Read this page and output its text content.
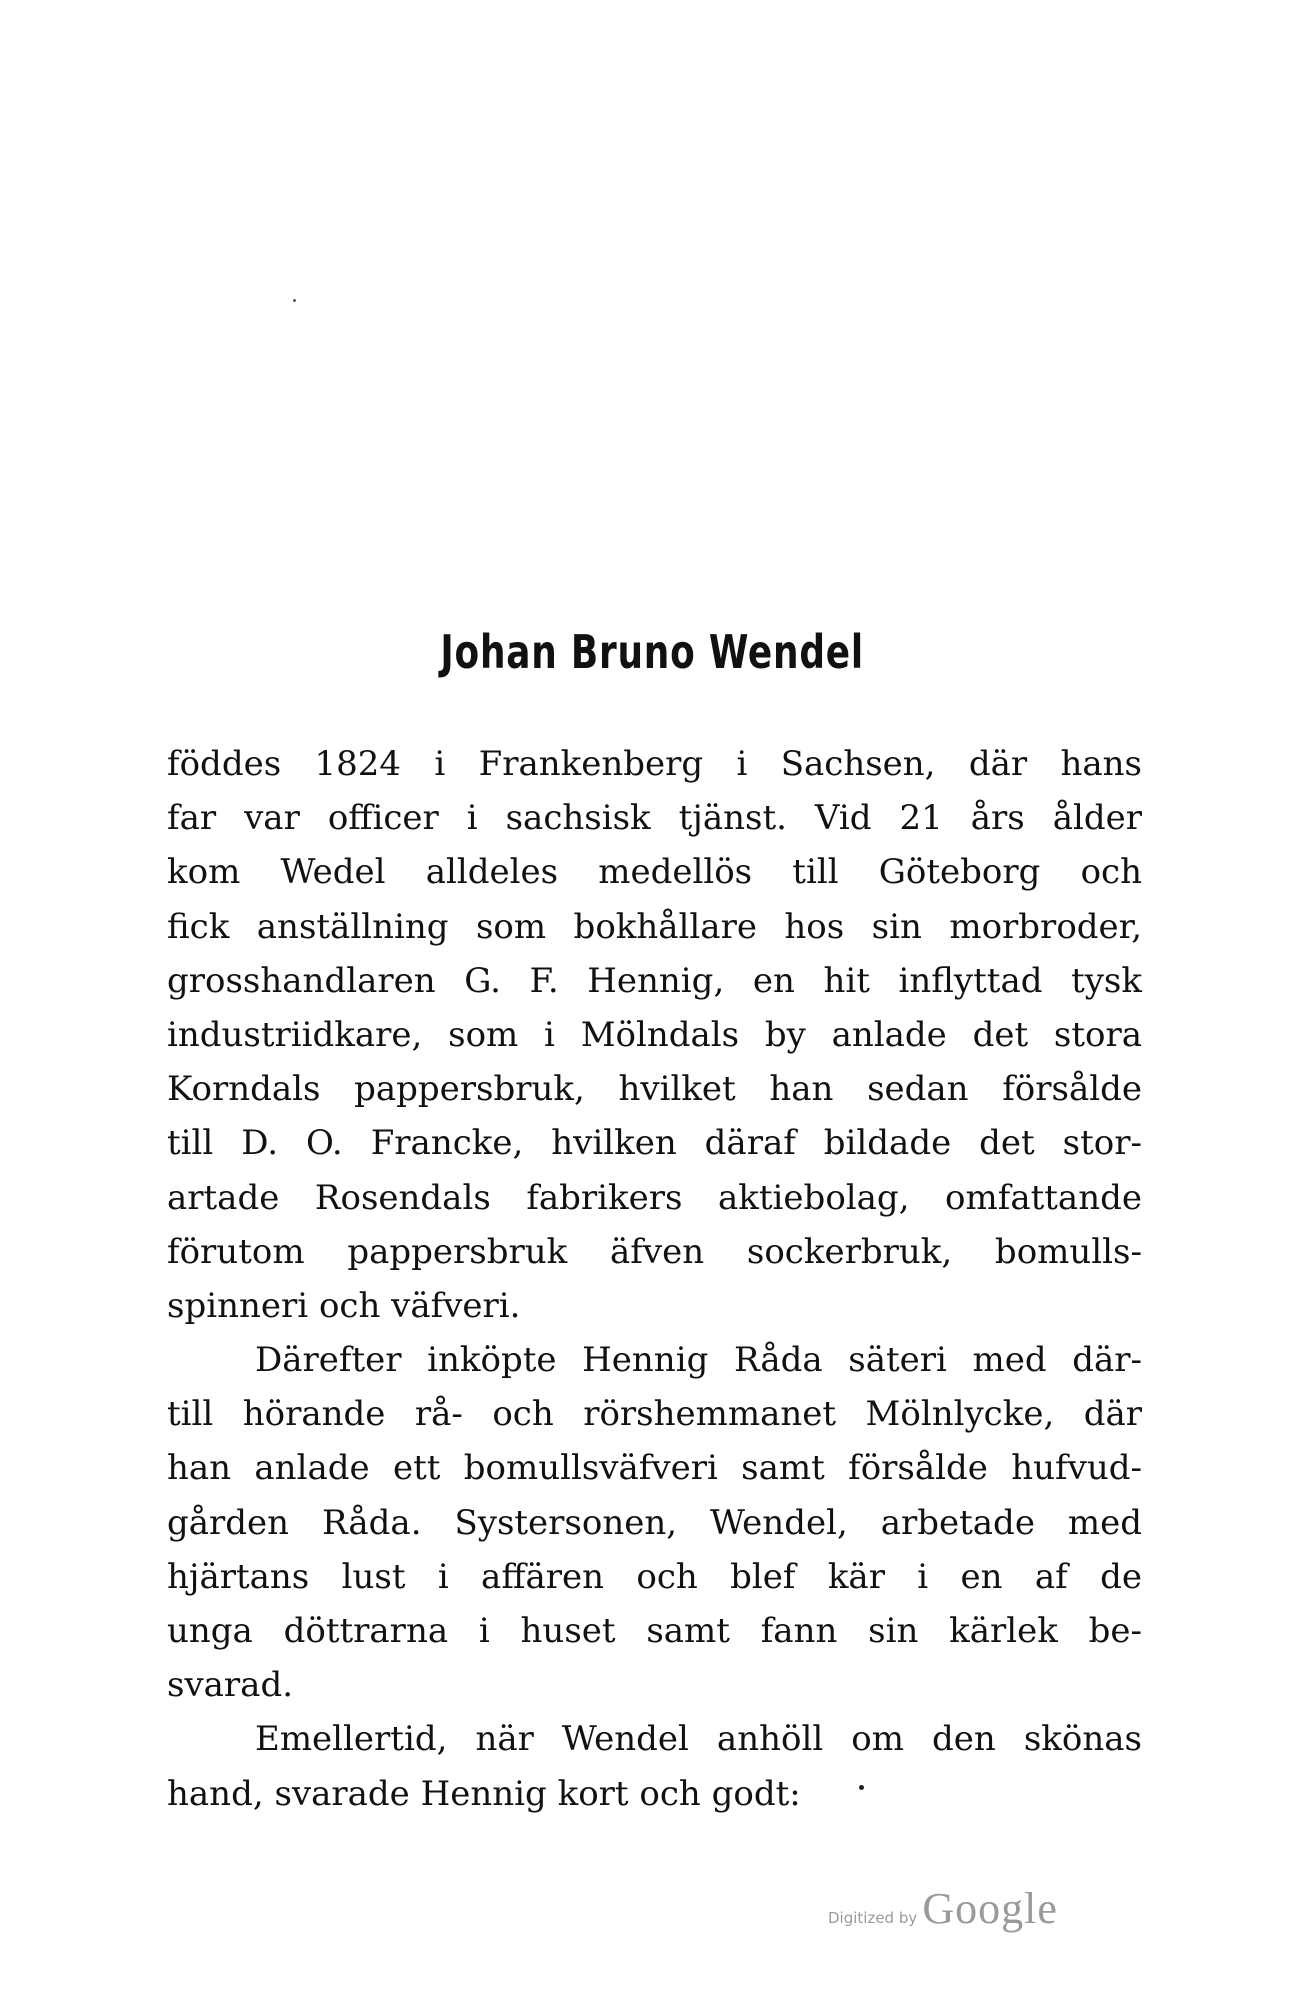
Johan Bruno Wendel
föddes 1824 i Frankenberg i Sachsen, där hans
far var officer i sachsisk tjänst. Vid 21 års ålder
kom Wedel alldeles medellös till Göteborg och
fick anställning som bokhållare hos sin morbroder,
grosshandlaren G. F. Hennig, en hit inflyttad tysk
industriidkare, som i Mölndals by anlade det stora
Korndals pappersbruk, hvilket han sedan försålde
till D. O. Francke, hvilken däraf bildade det stor-
artade Rosendals fabrikers aktiebolag, omfattande
förutom pappersbruk äfven sockerbruk, bomulls-
spinneri och väfveri.
Därefter inköpte Hennig Råda säteri med där-
till hörande rå- och rörshemmanet Mölnlycke, där
han anlade ett bomullsväfveri samt försålde hufvud-
gården Råda. Systersonen, Wendel, arbetade med
hjärtans lust i affären och blef kär i en af de
unga döttrarna i huset samt fann sin kärlek be-
svarad.
Emellertid, när Wendel anhöll om den skönas
hand, svarade Hennig kort och godt:
Digitized by Google
